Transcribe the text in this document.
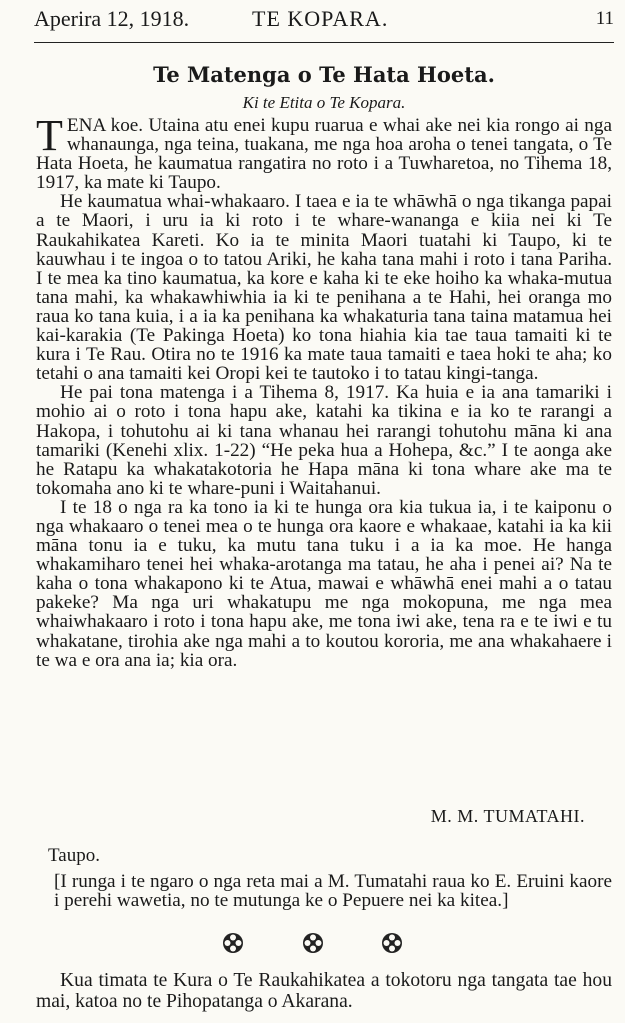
Aperira 12, 1918.	TE KOPARA.	11
Te Matenga o Te Hata Hoeta.
Ki te Etita o Te Kopara.

TENA koe. Utaina atu enei kupu ruarua e whai ake nei kia rongo ai nga whanaunga, nga teina, tuakana, me nga hoa aroha o tenei tangata, o Te Hata Hoeta, he kaumatua rangatira no roto i a Tuwharetoa, no Tihema 18, 1917, ka mate ki Taupo.

He kaumatua whai-whakaaro. I taea e ia te whāwhā o nga tikanga papai a te Maori, i uru ia ki roto i te whare-wananga e kiia nei ki Te Raukahikatea Kareti. Ko ia te minita Maori tuatahi ki Taupo, ki te kauwhau i te ingoa o to tatou Ariki, he kaha tana mahi i roto i tana Pariha. I te mea ka tino kaumatua, ka kore e kaha ki te eke hoiho ka whaka-mutua tana mahi, ka whakawhiwhia ia ki te penihana a te Hahi, hei oranga mo raua ko tana kuia, i a ia ka penihana ka whakaturia tana taina matamua hei kai-karakia (Te Pakinga Hoeta) ko tona hiahia kia tae taua tamaiti ki te kura i Te Rau. Otira no te 1916 ka mate taua tamaiti e taea hoki te aha; ko tetahi o ana tamaiti kei Oropi kei te tautoko i to tatau kingi-tanga.

He pai tona matenga i a Tihema 8, 1917. Ka huia e ia ana tamariki i mohio ai o roto i tona hapu ake, katahi ka tikina e ia ko te rarangi a Hakopa, i tohutohu ai ki tana whanau hei rarangi tohutohu māna ki ana tamariki (Kenehi xlix. 1-22) “He peka hua a Hohepa, &c.” I te aonga ake he Ratapu ka whakatakotoria he Hapa māna ki tona whare ake ma te tokomaha ano ki te whare-puni i Waitahanui.

I te 18 o nga ra ka tono ia ki te hunga ora kia tukua ia, i te kaiponu o nga whakaaro o tenei mea o te hunga ora kaore e whakaae, katahi ia ka kii māna tonu ia e tuku, ka mutu tana tuku i a ia ka moe. He hanga whakamiharo tenei hei whaka-arotanga ma tatau, he aha i penei ai? Na te kaha o tona whakapono ki te Atua, mawai e whāwhā enei mahi a o tatau pakeke? Ma nga uri whakatupu me nga mokopuna, me nga mea whaiwhakaaro i roto i tona hapu ake, me tona iwi ake, tena ra e te iwi e tu whakatane, tirohia ake nga mahi a to koutou kororia, me ana whakahaere i te wa e ora ana ia; kia ora.

M. M. TUMATAHI.
Taupo.
[I runga i te ngaro o nga reta mai a M. Tumatahi raua ko E. Eruini kaore i perehi wawetia, no te mutunga ke o Pepuere nei ka kitea.]

Kua timata te Kura o Te Raukahikatea a tokotoru nga tangata tae hou mai, katoa no te Pihopatanga o Akarana.
